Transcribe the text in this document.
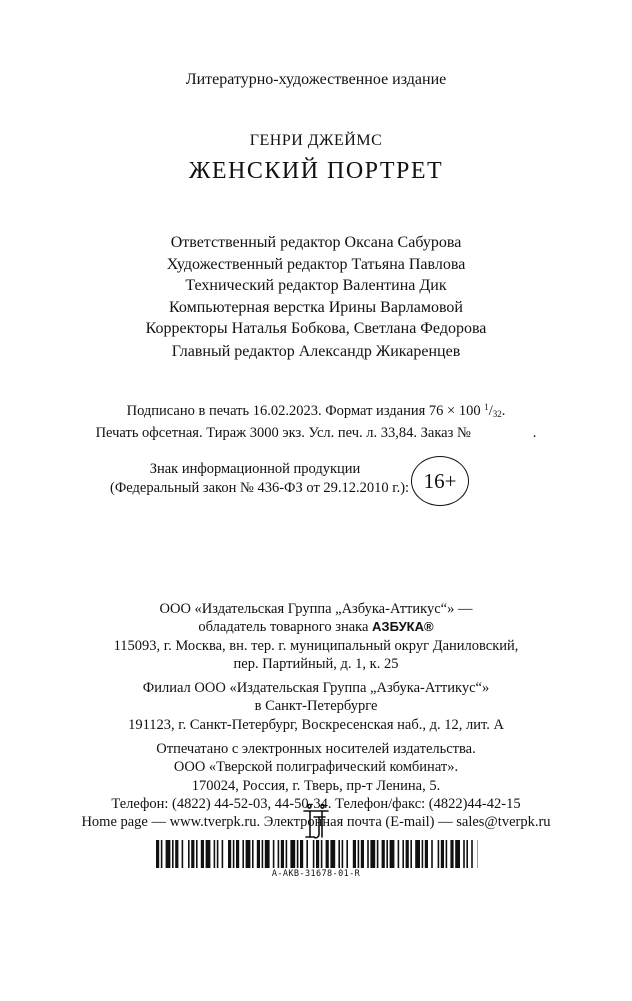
Литературно-художественное издание
ГЕНРИ ДЖЕЙМС
ЖЕНСКИЙ ПОРТРЕТ
Ответственный редактор Оксана Сабурова
Художественный редактор Татьяна Павлова
Технический редактор Валентина Дик
Компьютерная верстка Ирины Варламовой
Корректоры Наталья Бобкова, Светлана Федорова
Главный редактор Александр Жикаренцев
Подписано в печать 16.02.2023. Формат издания 76 × 100 $^1/_{32}$.
Печать офсетная. Тираж 3000 экз. Усл. печ. л. 33,84. Заказ №	.
Знак информационной продукции
(Федеральный закон № 436-ФЗ от 29.12.2010 г.): 16+
ООО «Издательская Группа „Азбука-Аттикус“» —
обладатель товарного знака АЗБУКА®
115093, г. Москва, вн. тер. г. муниципальный округ Даниловский,
пер. Партийный, д. 1, к. 25
Филиал ООО «Издательская Группа „Азбука-Аттикус“»
в Санкт-Петербурге
191123, г. Санкт-Петербург, Воскресенская наб., д. 12, лит. А
Отпечатано с электронных носителей издательства.
ООО «Тверской полиграфический комбинат».
170024, Россия, г. Тверь, пр-т Ленина, 5.
Телефон: (4822) 44-52-03, 44-50-34. Телефон/факс: (4822)44-42-15
Home page — www.tverpk.ru. Электронная почта (E-mail) — sales@tverpk.ru
А-АКВ-31678-01-R
